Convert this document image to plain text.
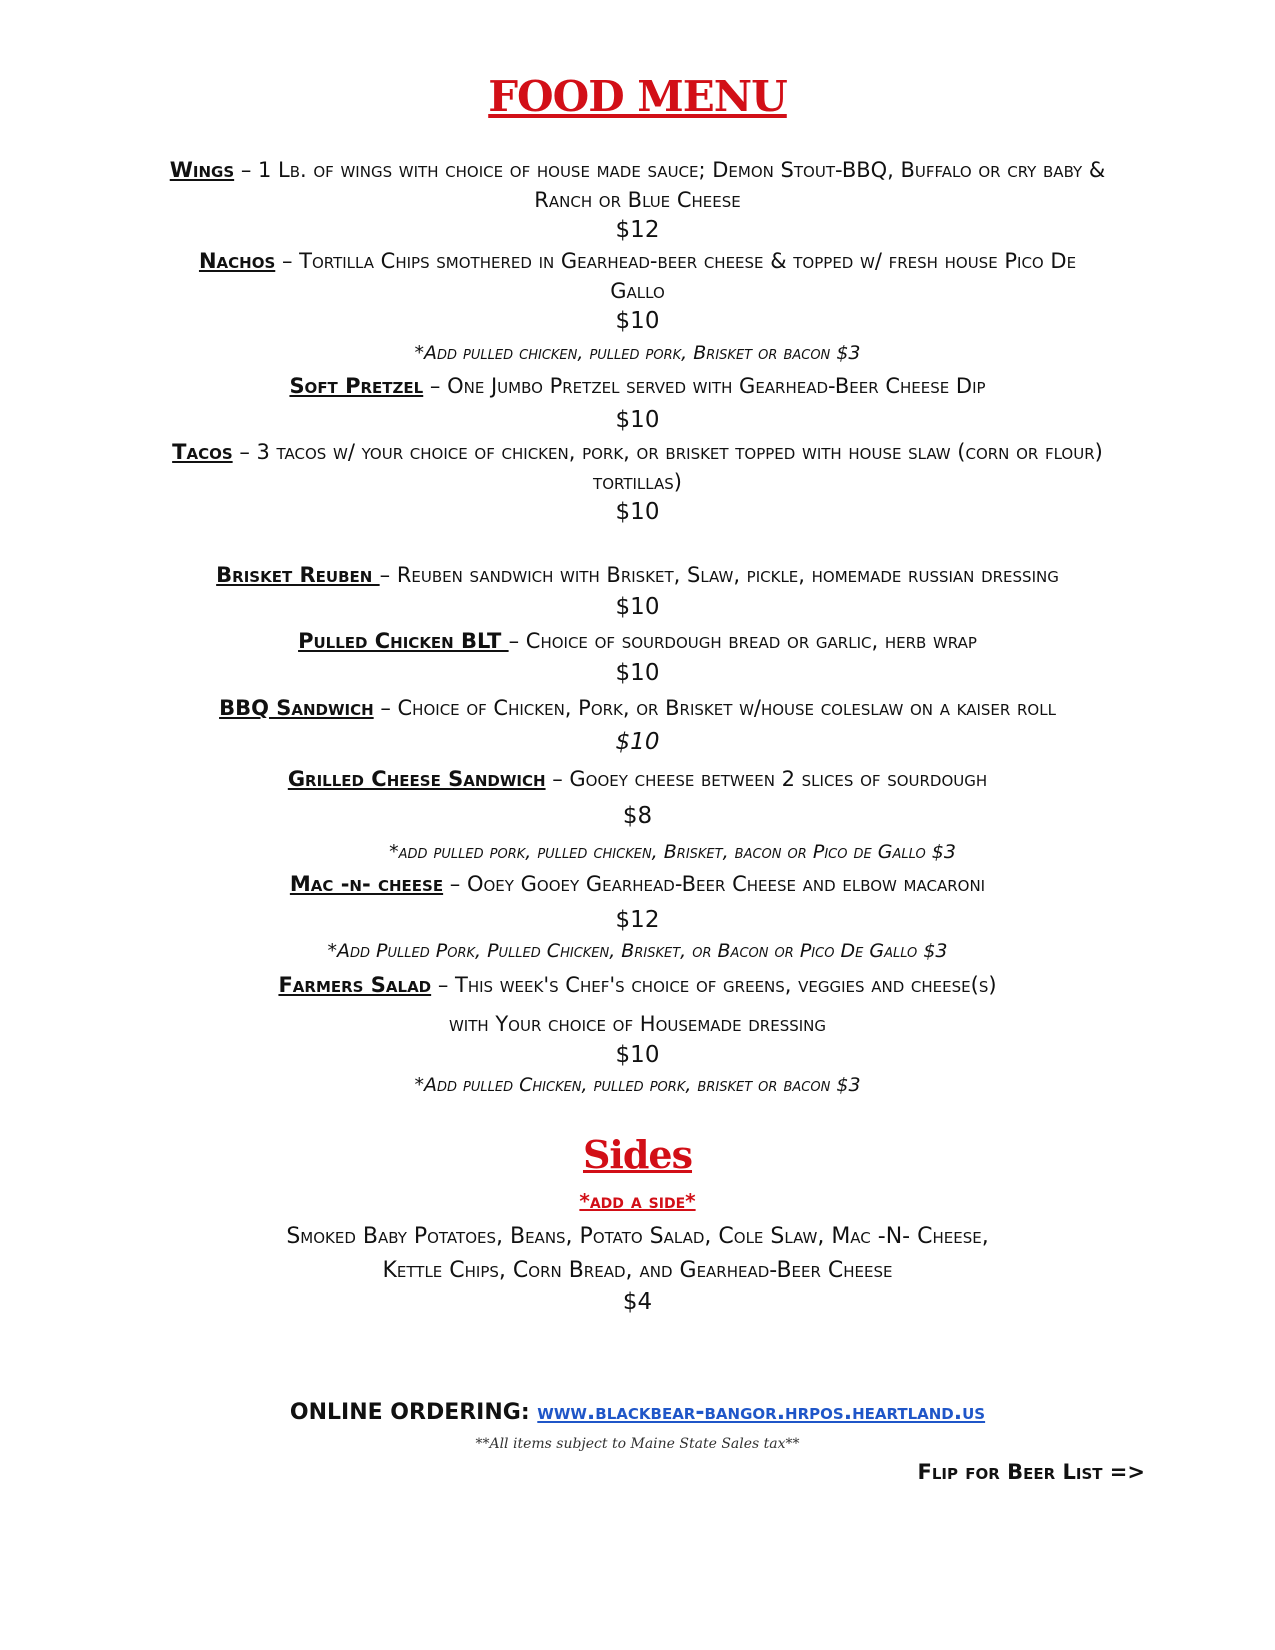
FOOD MENU
Wings – 1 Lb. of wings with choice of house made sauce; Demon Stout-BBQ, Buffalo or cry baby &
Ranch or Blue Cheese
$12
Nachos – Tortilla Chips smothered in Gearhead-beer cheese & topped w/ fresh house Pico De
Gallo
$10
*Add pulled chicken, pulled pork, Brisket or bacon $3
Soft Pretzel – One Jumbo Pretzel served with Gearhead-Beer Cheese Dip
$10
Tacos – 3 tacos w/ your choice of chicken, pork, or brisket topped with house slaw (corn or flour)
tortillas)
$10
Brisket Reuben – Reuben sandwich with Brisket, Slaw, pickle, homemade russian dressing
$10
Pulled Chicken BLT – Choice of sourdough bread or garlic, herb wrap
$10
BBQ Sandwich – Choice of Chicken, Pork, or Brisket w/house coleslaw on a kaiser roll
$10
Grilled Cheese Sandwich – Gooey cheese between 2 slices of sourdough
$8
*add pulled pork, pulled chicken, Brisket, bacon or Pico de Gallo $3
Mac -n- cheese – Ooey Gooey Gearhead-Beer Cheese and elbow macaroni
$12
*Add Pulled Pork, Pulled Chicken, Brisket, or Bacon or Pico De Gallo $3
Farmers Salad – This week's Chef's choice of greens, veggies and cheese(s)
with Your choice of Housemade dressing
$10
*Add pulled Chicken, pulled pork, brisket or bacon $3
Sides
*add a side*
Smoked Baby Potatoes, Beans, Potato Salad, Cole Slaw, Mac -N- Cheese,
Kettle Chips, Corn Bread, and Gearhead-Beer Cheese
$4
ONLINE ORDERING: www.blackbear-bangor.hrpos.heartland.us
**All items subject to Maine State Sales tax**
Flip for Beer List =>
